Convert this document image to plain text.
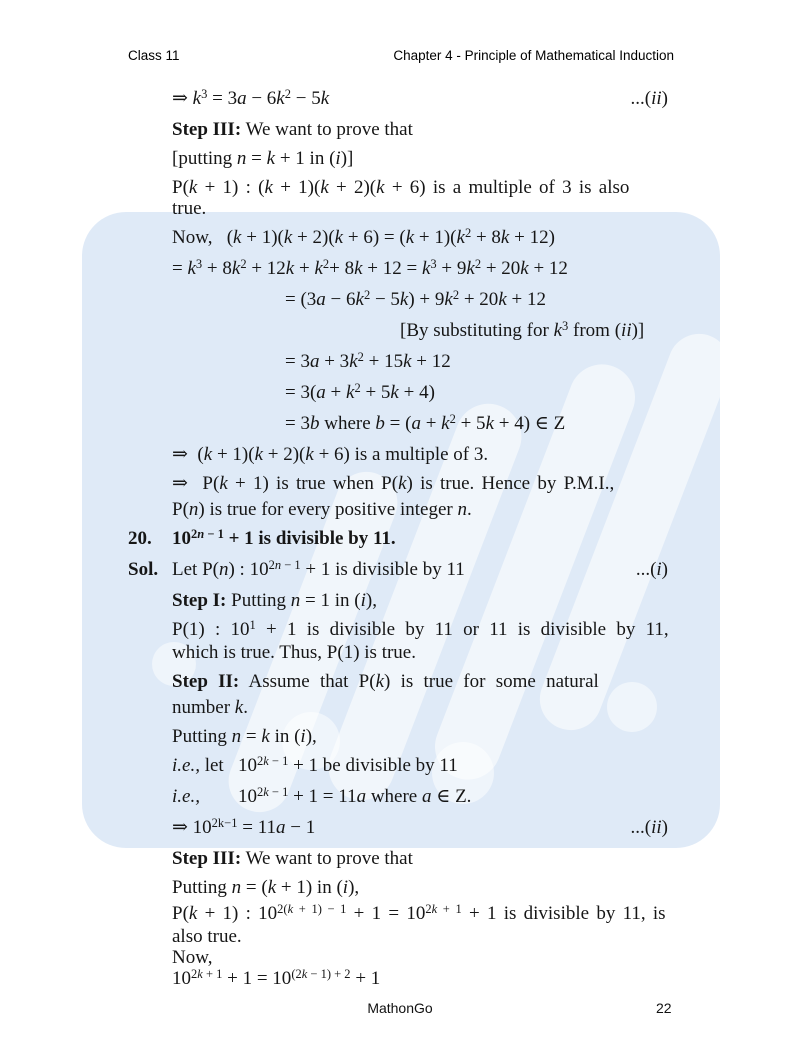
Class 11	Chapter 4 - Principle of Mathematical Induction
...(ii)
⇒ $k^3 = 3a - 6k^2 - 5k$
Step III: We want to prove that
[putting n = k + 1 in (i)]
P(k + 1) : (k + 1)(k + 2)(k + 6) is a multiple of 3 is also
true.
Now,   $(k + 1)(k + 2)(k + 6) = (k + 1)(k^2 + 8k + 12)$
= $k^3 + 8k^2 + 12k + k^2+ 8k + 12 = k^3 + 9k^2 + 20k + 12$
= $(3a - 6k^2 - 5k) + 9k^2 + 20k + 12$
[By substituting for $k^3$ from (ii)]
= $3a + 3k^2 + 15k + 12$
= $3(a + k^2 + 5k + 4)$
= 3b where $b = (a + k^2 + 5k + 4)$ ∈ Z
⇒  (k + 1)(k + 2)(k + 6) is a multiple of 3.
⇒  P(k + 1) is true when P(k) is true. Hence by P.M.I.,
P(n) is true for every positive integer n.
20. $10^{2n}$ $^{- 1}$ + 1 is divisible by 11.
...(i)
Sol. Let P(n) : $10^{2n}$ $^{- 1}$ + 1 is divisible by 11
Step I: Putting n = 1 in (i),
P(1) : $10^1 + 1$ is divisible by 11 or 11 is divisible by 11,
which is true. Thus, P(1) is true.
Step II: Assume that P(k) is true for some natural
number k.
Putting n = k in (i),
i.e., let   $10^{2k}$ $^{- 1}$ + 1 be divisible by 11
i.e.,        $10^{2k}$ $^{- 1}$ + 1 = 11a where a ∈ Z.
...(ii)
⇒ $10^{2k-1} = 11a - 1$
Step III: We want to prove that
Putting n = (k + 1) in (i),
P(k + 1) : $10^{2(k}$ $^{+ 1) - 1} + 1 = 10^{2k}$ $^{+ 1}$ + 1 is divisible by 11, is
also true.
Now,
$10^{2k}$ $^{+ 1} + 1 = 10^{(2k}$ $^{- 1) + 2}$ + 1
MathonGo	22
